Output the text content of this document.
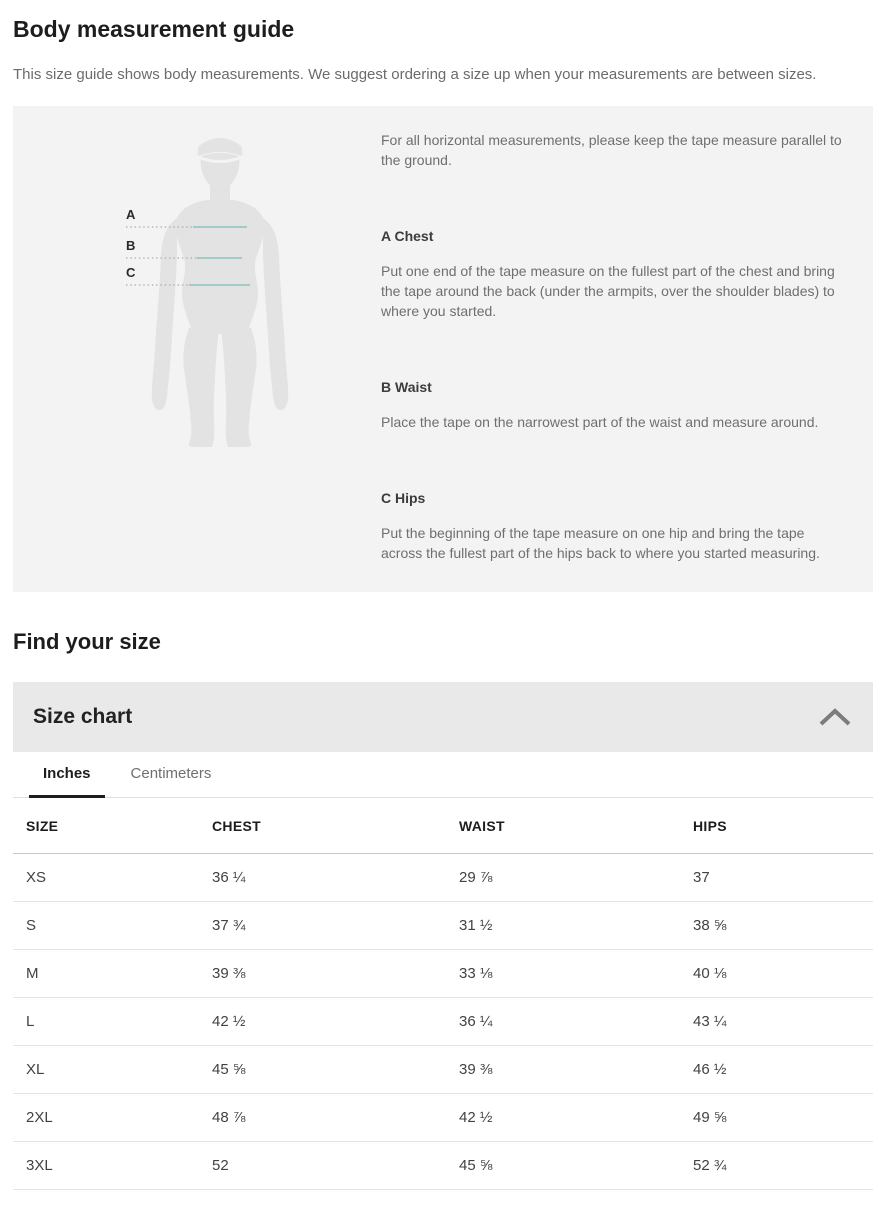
Body measurement guide

This size guide shows body measurements. We suggest ordering a size up when your measurements are between sizes.

A
B
C

For all horizontal measurements, please keep the tape measure parallel to the ground.

A Chest

Put one end of the tape measure on the fullest part of the chest and bring the tape around the back (under the armpits, over the shoulder blades) to where you started.

B Waist

Place the tape on the narrowest part of the waist and measure around.

C Hips

Put the beginning of the tape measure on one hip and bring the tape across the fullest part of the hips back to where you started measuring.

Find your size
Size chart
Inches	Centimeters
SIZE	CHEST	WAIST	HIPS
XS	36 ¼	29 ⅞	37
S	37 ¾	31 ½	38 ⅝
M	39 ⅜	33 ⅛	40 ⅛
L	42 ½	36 ¼	43 ¼
XL	45 ⅝	39 ⅜	46 ½
2XL	48 ⅞	42 ½	49 ⅝
3XL	52	45 ⅝	52 ¾
